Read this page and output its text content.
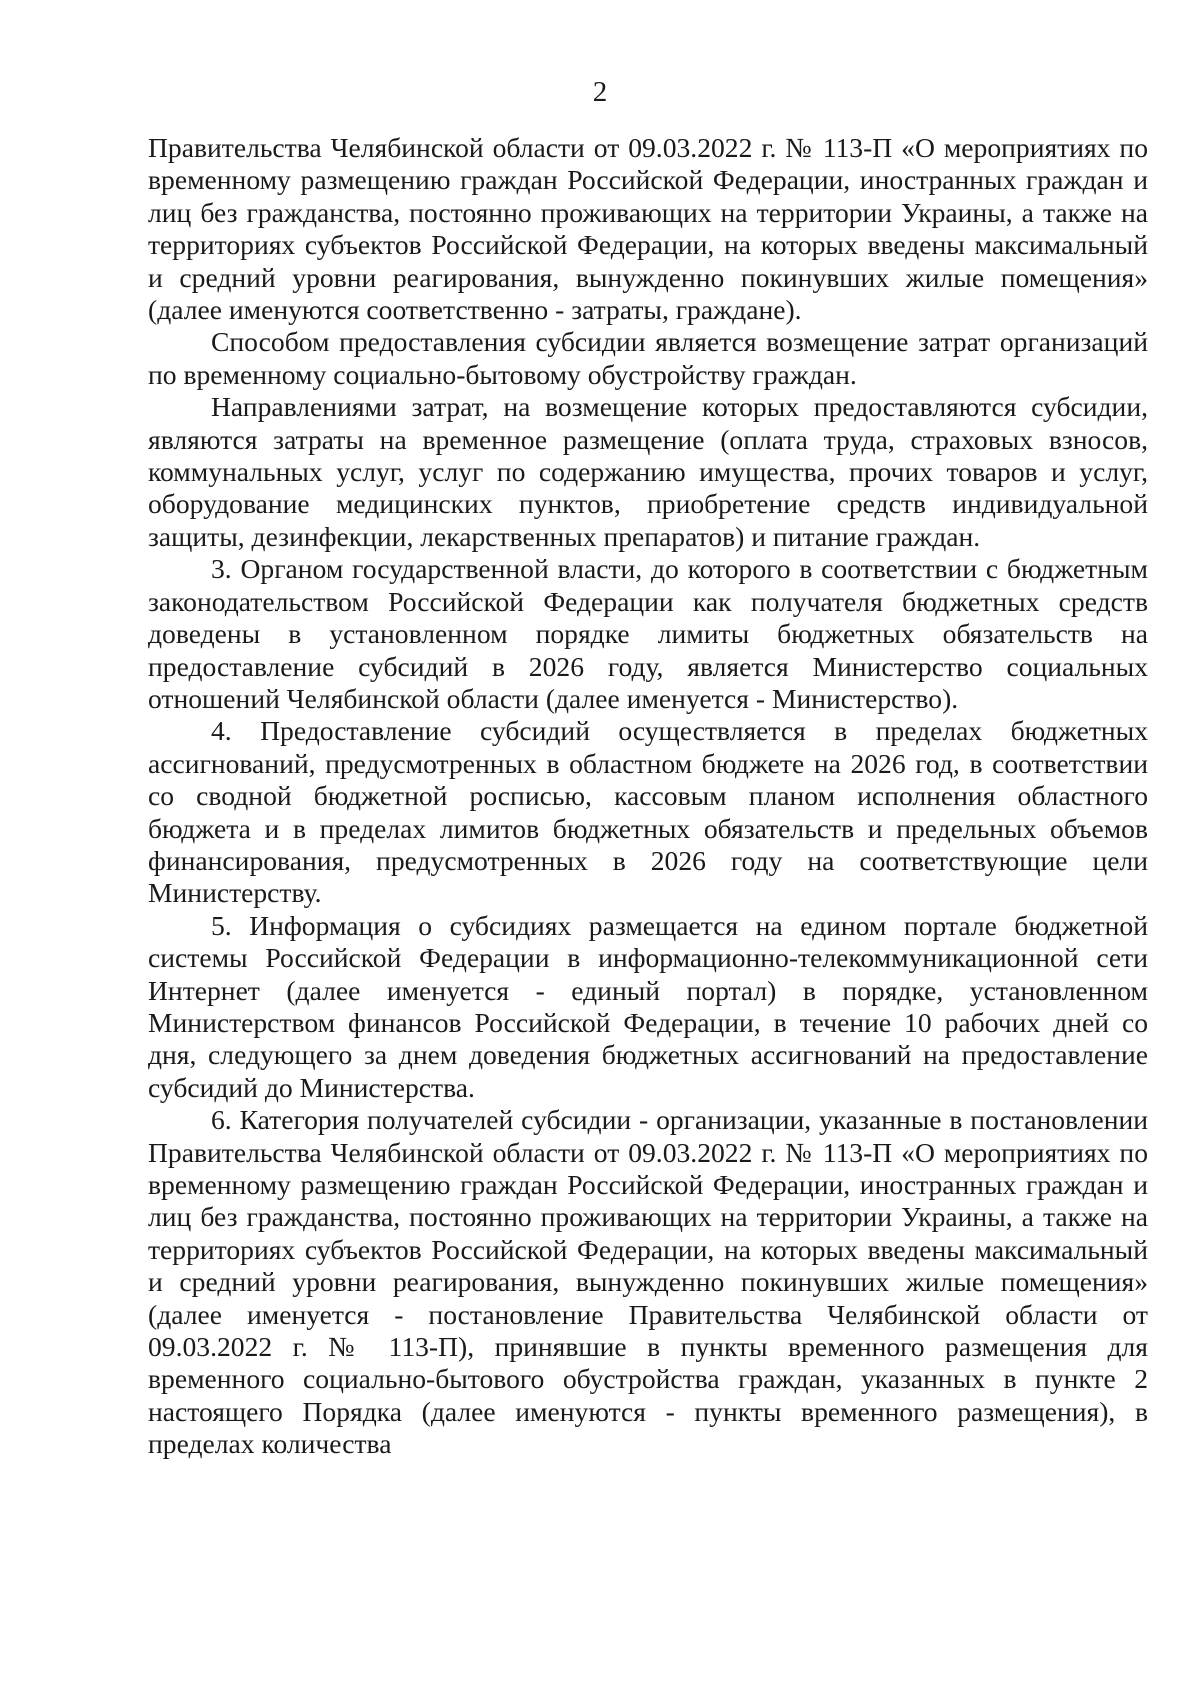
2

Правительства Челябинской области от 09.03.2022 г. № 113-П «О мероприятиях по временному размещению граждан Российской Федерации, иностранных граждан и лиц без гражданства, постоянно проживающих на территории Украины, а также на территориях субъектов Российской Федерации, на которых введены максимальный и средний уровни реагирования, вынужденно покинувших жилые помещения» (далее именуются соответственно - затраты, граждане).

Способом предоставления субсидии является возмещение затрат организаций по временному социально-бытовому обустройству граждан.

Направлениями затрат, на возмещение которых предоставляются субсидии, являются затраты на временное размещение (оплата труда, страховых взносов, коммунальных услуг, услуг по содержанию имущества, прочих товаров и услуг, оборудование медицинских пунктов, приобретение средств индивидуальной защиты, дезинфекции, лекарственных препаратов) и питание граждан.

3. Органом государственной власти, до которого в соответствии с бюджетным законодательством Российской Федерации как получателя бюджетных средств доведены в установленном порядке лимиты бюджетных обязательств на предоставление субсидий в 2026 году, является Министерство социальных отношений Челябинской области (далее именуется - Министерство).

4. Предоставление субсидий осуществляется в пределах бюджетных ассигнований, предусмотренных в областном бюджете на 2026 год, в соответствии со сводной бюджетной росписью, кассовым планом исполнения областного бюджета и в пределах лимитов бюджетных обязательств и предельных объемов финансирования, предусмотренных в 2026 году на соответствующие цели Министерству.

5. Информация о субсидиях размещается на едином портале бюджетной системы Российской Федерации в информационно-телекоммуникационной сети Интернет (далее именуется - единый портал) в порядке, установленном Министерством финансов Российской Федерации, в течение 10 рабочих дней со дня, следующего за днем доведения бюджетных ассигнований на предоставление субсидий до Министерства.

6. Категория получателей субсидии - организации, указанные в постановлении Правительства Челябинской области от 09.03.2022 г. № 113-П «О мероприятиях по временному размещению граждан Российской Федерации, иностранных граждан и лиц без гражданства, постоянно проживающих на территории Украины, а также на территориях субъектов Российской Федерации, на которых введены максимальный и средний уровни реагирования, вынужденно покинувших жилые помещения» (далее именуется - постановление Правительства Челябинской области от 09.03.2022 г. № 113-П), принявшие в пункты временного размещения для временного социально-бытового обустройства граждан, указанных в пункте 2 настоящего Порядка (далее именуются - пункты временного размещения), в пределах количества
